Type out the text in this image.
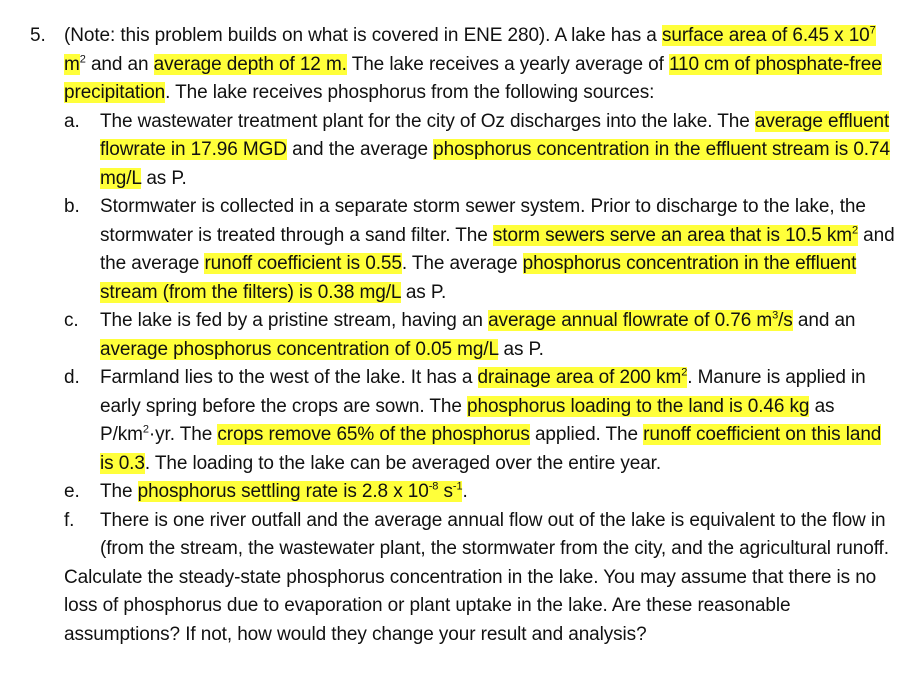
5. (Note: this problem builds on what is covered in ENE 280). A lake has a surface area of 6.45 x $10^7$ $m^2$ and an average depth of 12 m. The lake receives a yearly average of 110 cm of phosphate-free precipitation. The lake receives phosphorus from the following sources:
a.	The wastewater treatment plant for the city of Oz discharges into the lake. The average effluent flowrate in 17.96 MGD and the average phosphorus concentration in the effluent stream is 0.74 mg/L as P.
b.	Stormwater is collected in a separate storm sewer system. Prior to discharge to the lake, the stormwater is treated through a sand filter. The storm sewers serve an area that is 10.5 $km^2$ and the average runoff coefficient is 0.55. The average phosphorus concentration in the effluent stream (from the filters) is 0.38 mg/L as P.
c.	The lake is fed by a pristine stream, having an average annual flowrate of 0.76 $m^3/s$ and an average phosphorus concentration of 0.05 mg/L as P.
d.	Farmland lies to the west of the lake. It has a drainage area of 200 $km^2$. Manure is applied in early spring before the crops are sown. The phosphorus loading to the land is 0.46 kg as $P/km^2\cdot yr$. The crops remove 65% of the phosphorus applied. The runoff coefficient on this land is 0.3. The loading to the lake can be averaged over the entire year.
e.	The phosphorus settling rate is 2.8 x $10^{-8}$ $s^{-1}$.
f.	There is one river outfall and the average annual flow out of the lake is equivalent to the flow in (from the stream, the wastewater plant, the stormwater from the city, and the agricultural runoff.
Calculate the steady-state phosphorus concentration in the lake. You may assume that there is no loss of phosphorus due to evaporation or plant uptake in the lake. Are these reasonable assumptions? If not, how would they change your result and analysis?
